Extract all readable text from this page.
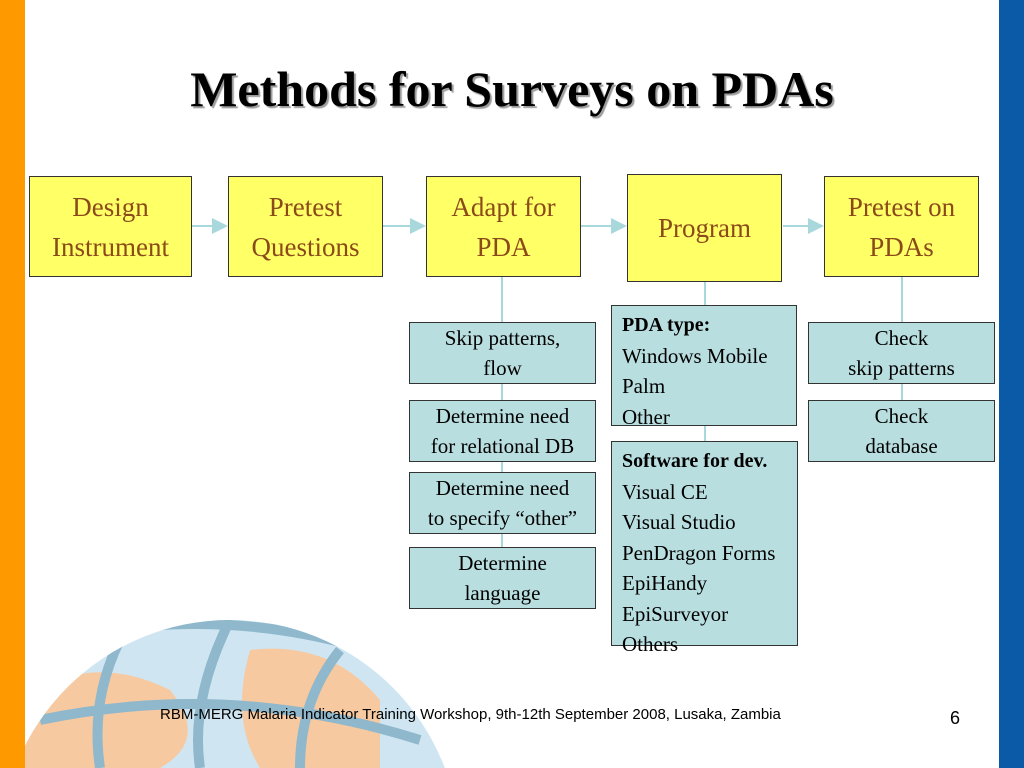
Methods for Surveys on PDAs
Design
Instrument
Pretest
Questions
Adapt for
PDA
Program
Pretest on
PDAs
Skip patterns,
flow
Determine need
for relational DB
Determine need
to specify “other”
Determine
language
PDA type:
Windows Mobile
Palm
Other
Software for dev.
Visual CE
Visual Studio
PenDragon Forms
EpiHandy
EpiSurveyor
Others
Check
skip patterns
Check
database
RBM-MERG Malaria Indicator Training Workshop, 9th-12th September 2008, Lusaka, Zambia	6
